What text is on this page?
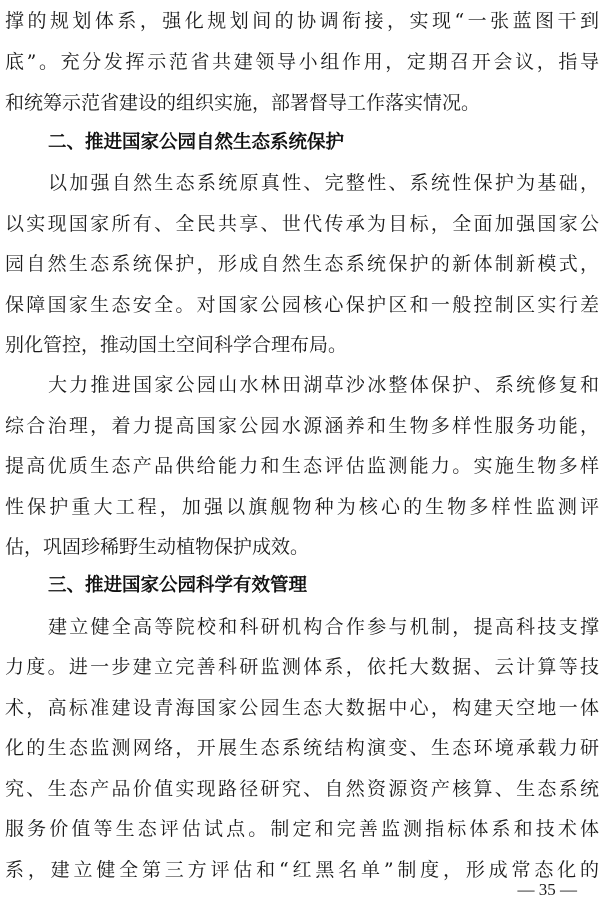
撑的规划体系，强化规划间的协调衔接，实现“一张蓝图干到
底”。充分发挥示范省共建领导小组作用，定期召开会议，指导
和统筹示范省建设的组织实施，部署督导工作落实情况。
二、推进国家公园自然生态系统保护
以加强自然生态系统原真性、完整性、系统性保护为基础，
以实现国家所有、全民共享、世代传承为目标，全面加强国家公
园自然生态系统保护，形成自然生态系统保护的新体制新模式，
保障国家生态安全。对国家公园核心保护区和一般控制区实行差
别化管控，推动国土空间科学合理布局。
大力推进国家公园山水林田湖草沙冰整体保护、系统修复和
综合治理，着力提高国家公园水源涵养和生物多样性服务功能，
提高优质生态产品供给能力和生态评估监测能力。实施生物多样
性保护重大工程，加强以旗舰物种为核心的生物多样性监测评
估，巩固珍稀野生动植物保护成效。
三、推进国家公园科学有效管理
建立健全高等院校和科研机构合作参与机制，提高科技支撑
力度。进一步建立完善科研监测体系，依托大数据、云计算等技
术，高标准建设青海国家公园生态大数据中心，构建天空地一体
化的生态监测网络，开展生态系统结构演变、生态环境承载力研
究、生态产品价值实现路径研究、自然资源资产核算、生态系统
服务价值等生态评估试点。制定和完善监测指标体系和技术体
系，建立健全第三方评估和“红黑名单”制度，形成常态化的
— 35 —
